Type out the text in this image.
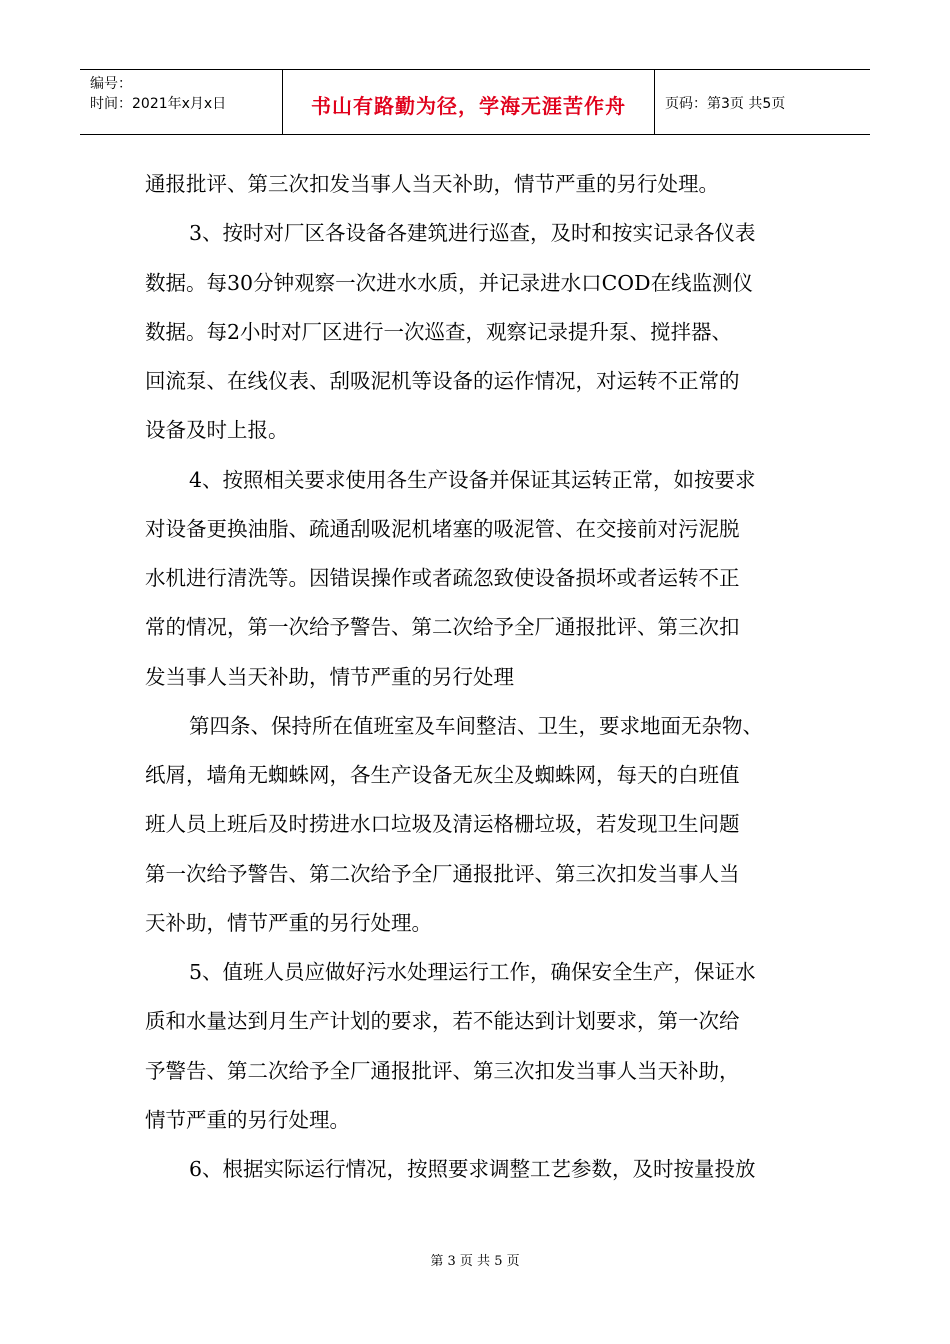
编号：
时间：2021年x月x日	书山有路勤为径，学海无涯苦作舟	页码：第3页 共5页
通报批评、第三次扣发当事人当天补助，情节严重的另行处理。
3、按时对厂区各设备各建筑进行巡查，及时和按实记录各仪表
数据。每30分钟观察一次进水水质，并记录进水口COD在线监测仪
数据。每2小时对厂区进行一次巡查，观察记录提升泵、搅拌器、
回流泵、在线仪表、刮吸泥机等设备的运作情况，对运转不正常的
设备及时上报。
4、按照相关要求使用各生产设备并保证其运转正常，如按要求
对设备更换油脂、疏通刮吸泥机堵塞的吸泥管、在交接前对污泥脱
水机进行清洗等。因错误操作或者疏忽致使设备损坏或者运转不正
常的情况，第一次给予警告、第二次给予全厂通报批评、第三次扣
发当事人当天补助，情节严重的另行处理
第四条、保持所在值班室及车间整洁、卫生，要求地面无杂物、
纸屑，墙角无蜘蛛网，各生产设备无灰尘及蜘蛛网，每天的白班值
班人员上班后及时捞进水口垃圾及清运格栅垃圾，若发现卫生问题
第一次给予警告、第二次给予全厂通报批评、第三次扣发当事人当
天补助，情节严重的另行处理。
5、值班人员应做好污水处理运行工作，确保安全生产，保证水
质和水量达到月生产计划的要求，若不能达到计划要求，第一次给
予警告、第二次给予全厂通报批评、第三次扣发当事人当天补助，
情节严重的另行处理。
6、根据实际运行情况，按照要求调整工艺参数，及时按量投放
第 3 页 共 5 页
